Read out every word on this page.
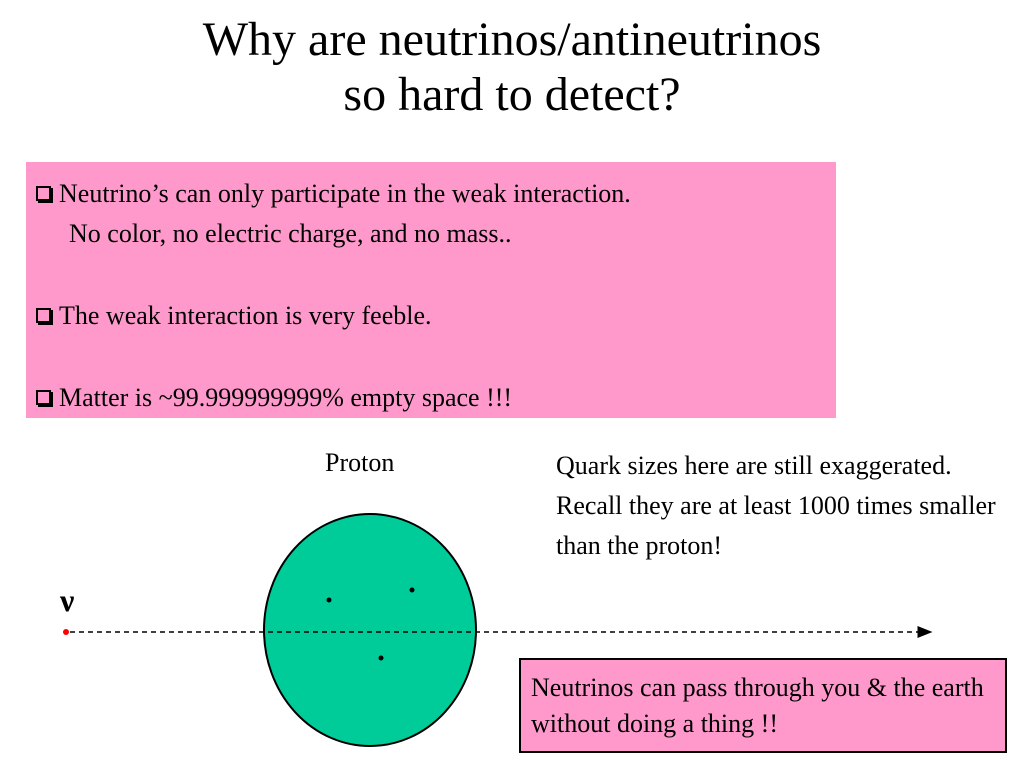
Why are neutrinos/antineutrinos
so hard to detect?
Neutrino’s can only participate in the weak interaction.
No color, no electric charge, and no mass..
The weak interaction is very feeble.
Matter is ~99.999999999% empty space !!!
Proton	Quark sizes here are still exaggerated. Recall they are at least 1000 times smaller than the proton!
ν
Neutrinos can pass through you & the earth without doing a thing !!
